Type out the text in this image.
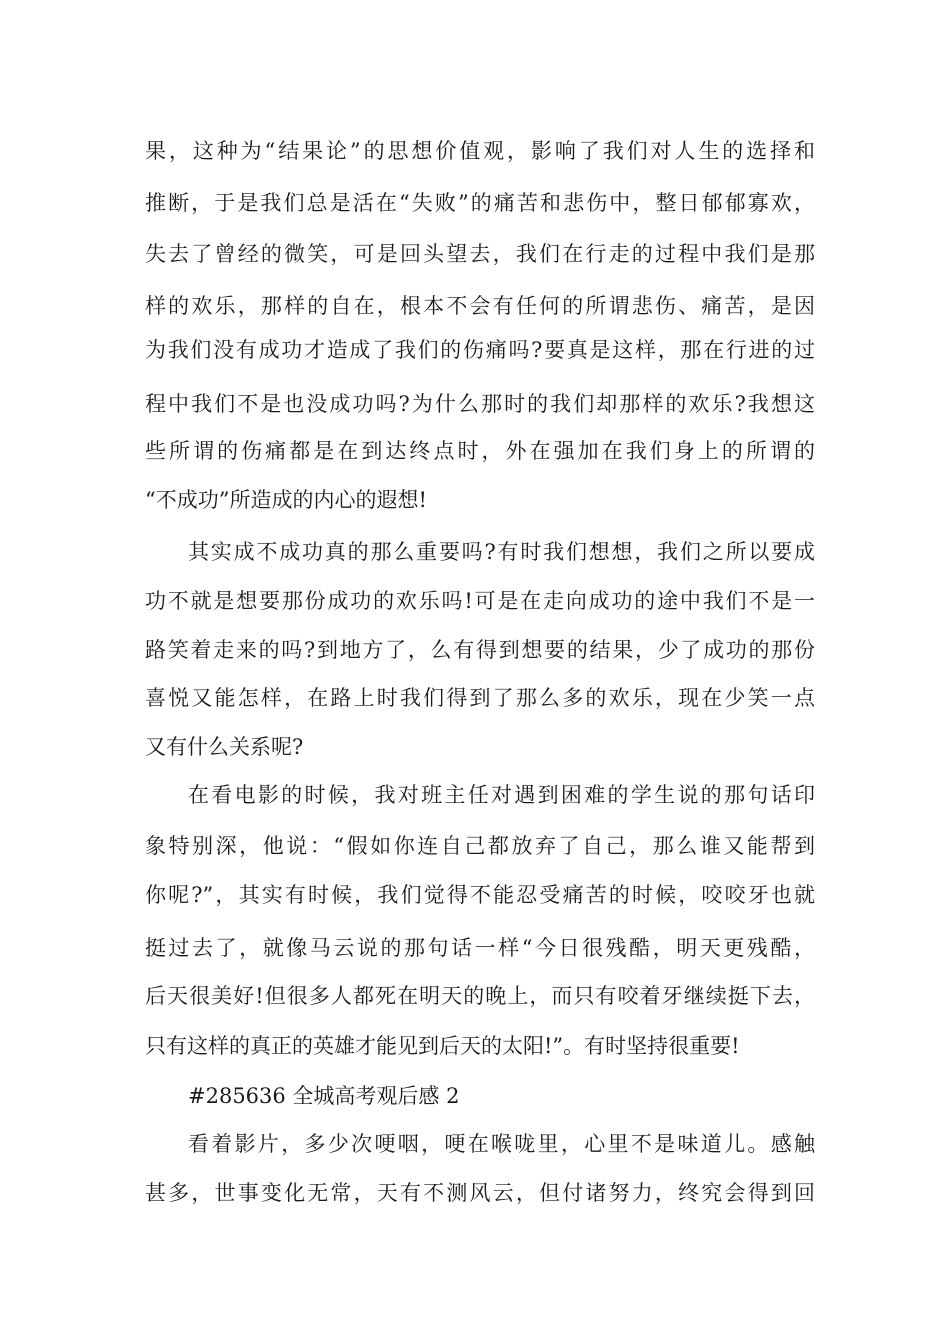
果，这种为“结果论”的思想价值观，影响了我们对人生的选择和
推断，于是我们总是活在“失败”的痛苦和悲伤中，整日郁郁寡欢，
失去了曾经的微笑，可是回头望去，我们在行走的过程中我们是那
样的欢乐，那样的自在，根本不会有任何的所谓悲伤、痛苦，是因
为我们没有成功才造成了我们的伤痛吗?要真是这样，那在行进的过
程中我们不是也没成功吗?为什么那时的我们却那样的欢乐?我想这
些所谓的伤痛都是在到达终点时，外在强加在我们身上的所谓的
“不成功”所造成的内心的遐想!
其实成不成功真的那么重要吗?有时我们想想，我们之所以要成
功不就是想要那份成功的欢乐吗!可是在走向成功的途中我们不是一
路笑着走来的吗?到地方了，么有得到想要的结果，少了成功的那份
喜悦又能怎样，在路上时我们得到了那么多的欢乐，现在少笑一点
又有什么关系呢?
在看电影的时候，我对班主任对遇到困难的学生说的那句话印
象特别深，他说：“假如你连自己都放弃了自己，那么谁又能帮到
你呢?”，其实有时候，我们觉得不能忍受痛苦的时候，咬咬牙也就
挺过去了，就像马云说的那句话一样“今日很残酷，明天更残酷，
后天很美好!但很多人都死在明天的晚上，而只有咬着牙继续挺下去，
只有这样的真正的英雄才能见到后天的太阳!”。有时坚持很重要!
#285636 全城高考观后感 2
看着影片，多少次哽咽，哽在喉咙里，心里不是味道儿。感触
甚多，世事变化无常，天有不测风云，但付诸努力，终究会得到回
